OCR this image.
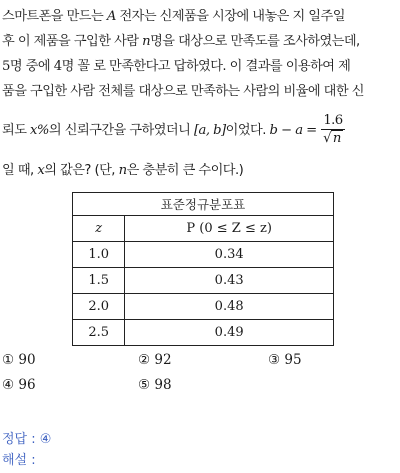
스마트폰을 만드는 A 전자는 신제품을 시장에 내놓은 지 일주일
후 이 제품을 구입한 사람 n명을 대상으로 만족도를 조사하였는데,
5명 중에 4명 꼴 로 만족한다고 답하였다. 이 결과를 이용하여 제
품을 구입한 사람 전체를 대상으로 만족하는 사람의 비율에 대한 신
뢰도 x%의 신뢰구간을 구하였더니 [a, b]이었다. $b - a = \frac{1.6}{√ n}$
일 때, x의 값은? (단, n은 충분히 큰 수이다.)
표준정규분포표	
z	P (0 ≤ Z ≤ z)
1.0	0.34
1.5	0.43
2.0	0.48
2.5	0.49
① 90	② 92	③ 95
④ 96	⑤ 98
정답 : ④
해설 :
